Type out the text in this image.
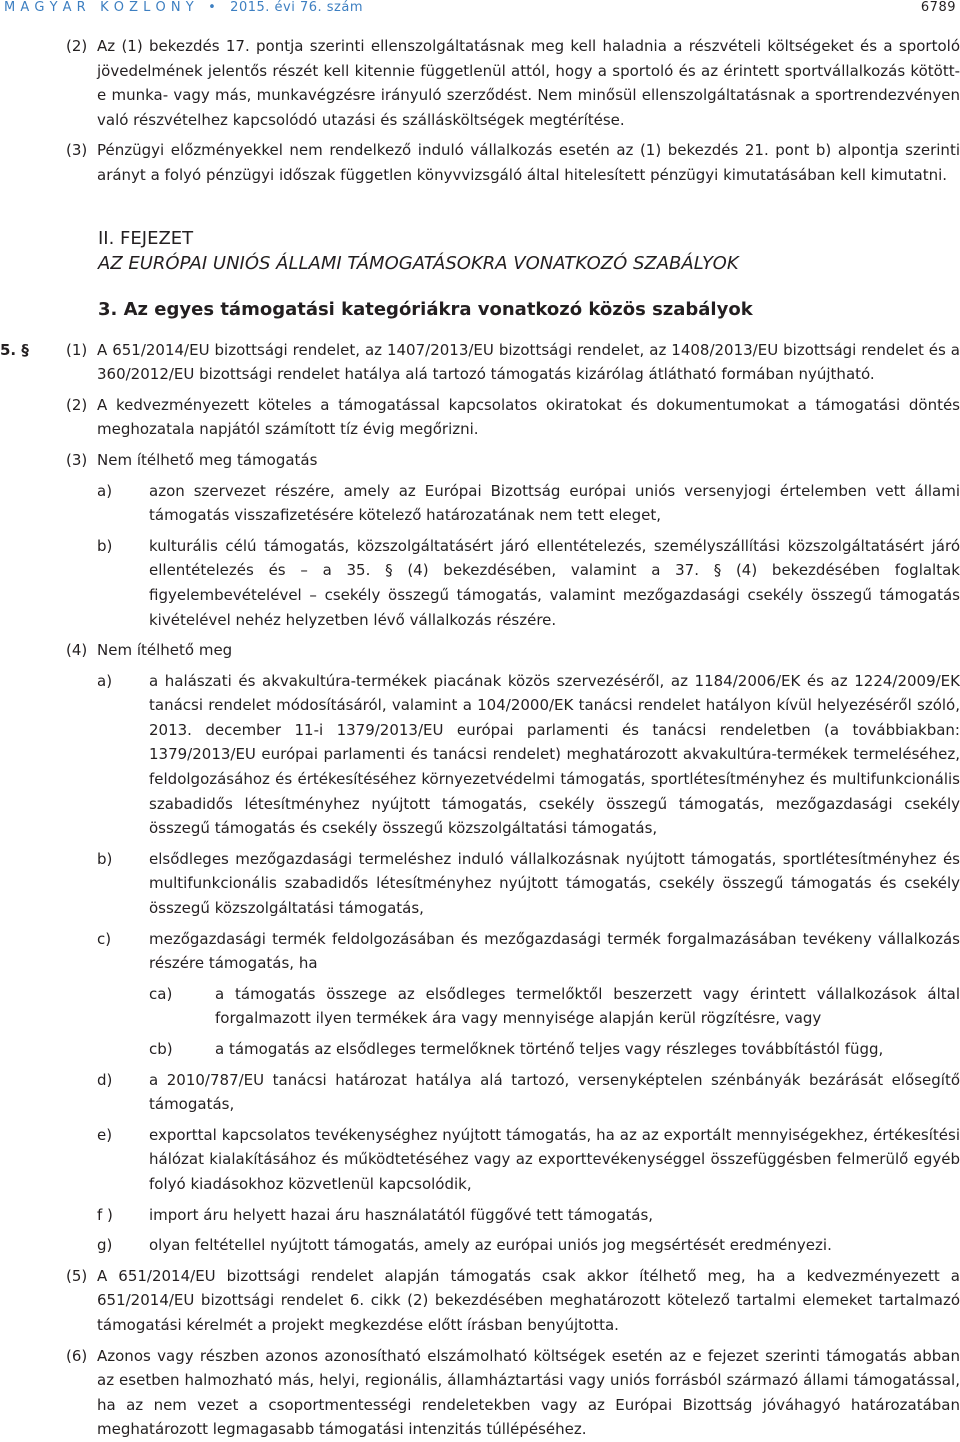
M A G Y A R   K Ö Z L Ö N Y   •   2015. évi 76. szám	6789
(2) Az (1) bekezdés 17. pontja szerinti ellenszolgáltatásnak meg kell haladnia a részvételi költségeket és a sportoló jövedelmének jelentős részét kell kitennie függetlenül attól, hogy a sportoló és az érintett sportvállalkozás kötött-e munka- vagy más, munkavégzésre irányuló szerződést. Nem minősül ellenszolgáltatásnak a sportrendezvényen való részvételhez kapcsolódó utazási és szállásköltségek megtérítése.
(3) Pénzügyi előzményekkel nem rendelkező induló vállalkozás esetén az (1) bekezdés 21. pont b) alpontja szerinti arányt a folyó pénzügyi időszak független könyvvizsgáló által hitelesített pénzügyi kimutatásában kell kimutatni.
II. FEJEZET
AZ EURÓPAI UNIÓS ÁLLAMI TÁMOGATÁSOKRA VONATKOZÓ SZABÁLYOK
3. Az egyes támogatási kategóriákra vonatkozó közös szabályok
5. §	(1) A 651/2014/EU bizottsági rendelet, az 1407/2013/EU bizottsági rendelet, az 1408/2013/EU bizottsági rendelet és a 360/2012/EU bizottsági rendelet hatálya alá tartozó támogatás kizárólag átlátható formában nyújtható.
(2) A kedvezményezett köteles a támogatással kapcsolatos okiratokat és dokumentumokat a támogatási döntés meghozatala napjától számított tíz évig megőrizni.
(3) Nem ítélhető meg támogatás
a)	azon szervezet részére, amely az Európai Bizottság európai uniós versenyjogi értelemben vett állami támogatás visszafizetésére kötelező határozatának nem tett eleget,
b)	kulturális célú támogatás, közszolgáltatásért járó ellentételezés, személyszállítási közszolgáltatásért járó ellentételezés és – a 35. § (4) bekezdésében, valamint a 37. § (4) bekezdésében foglaltak figyelembevételével – csekély összegű támogatás, valamint mezőgazdasági csekély összegű támogatás kivételével nehéz helyzetben lévő vállalkozás részére.
(4) Nem ítélhető meg
a)	a halászati és akvakultúra-termékek piacának közös szervezéséről, az 1184/2006/EK és az 1224/2009/EK tanácsi rendelet módosításáról, valamint a 104/2000/EK tanácsi rendelet hatályon kívül helyezéséről szóló, 2013. december 11-i 1379/2013/EU európai parlamenti és tanácsi rendeletben (a továbbiakban: 1379/2013/EU európai parlamenti és tanácsi rendelet) meghatározott akvakultúra-termékek termeléséhez, feldolgozásához és értékesítéséhez környezetvédelmi támogatás, sportlétesítményhez és multifunkcionális szabadidős létesítményhez nyújtott támogatás, csekély összegű támogatás, mezőgazdasági csekély összegű támogatás és csekély összegű közszolgáltatási támogatás,
b)	elsődleges mezőgazdasági termeléshez induló vállalkozásnak nyújtott támogatás, sportlétesítményhez és multifunkcionális szabadidős létesítményhez nyújtott támogatás, csekély összegű támogatás és csekély összegű közszolgáltatási támogatás,
c)	mezőgazdasági termék feldolgozásában és mezőgazdasági termék forgalmazásában tevékeny vállalkozás részére támogatás, ha
ca)	a támogatás összege az elsődleges termelőktől beszerzett vagy érintett vállalkozások által forgalmazott ilyen termékek ára vagy mennyisége alapján kerül rögzítésre, vagy
cb)	a támogatás az elsődleges termelőknek történő teljes vagy részleges továbbítástól függ,
d)	a 2010/787/EU tanácsi határozat hatálya alá tartozó, versenyképtelen szénbányák bezárását elősegítő támogatás,
e)	exporttal kapcsolatos tevékenységhez nyújtott támogatás, ha az az exportált mennyiségekhez, értékesítési hálózat kialakításához és működtetéséhez vagy az exporttevékenységgel összefüggésben felmerülő egyéb folyó kiadásokhoz közvetlenül kapcsolódik,
f )	import áru helyett hazai áru használatától függővé tett támogatás,
g)	olyan feltétellel nyújtott támogatás, amely az európai uniós jog megsértését eredményezi.
(5) A 651/2014/EU bizottsági rendelet alapján támogatás csak akkor ítélhető meg, ha a kedvezményezett a 651/2014/EU bizottsági rendelet 6. cikk (2) bekezdésében meghatározott kötelező tartalmi elemeket tartalmazó támogatási kérelmét a projekt megkezdése előtt írásban benyújtotta.
(6) Azonos vagy részben azonos azonosítható elszámolható költségek esetén az e fejezet szerinti támogatás abban az esetben halmozható más, helyi, regionális, államháztartási vagy uniós forrásból származó állami támogatással, ha az nem vezet a csoportmentességi rendeletekben vagy az Európai Bizottság jóváhagyó határozatában meghatározott legmagasabb támogatási intenzitás túllépéséhez.
